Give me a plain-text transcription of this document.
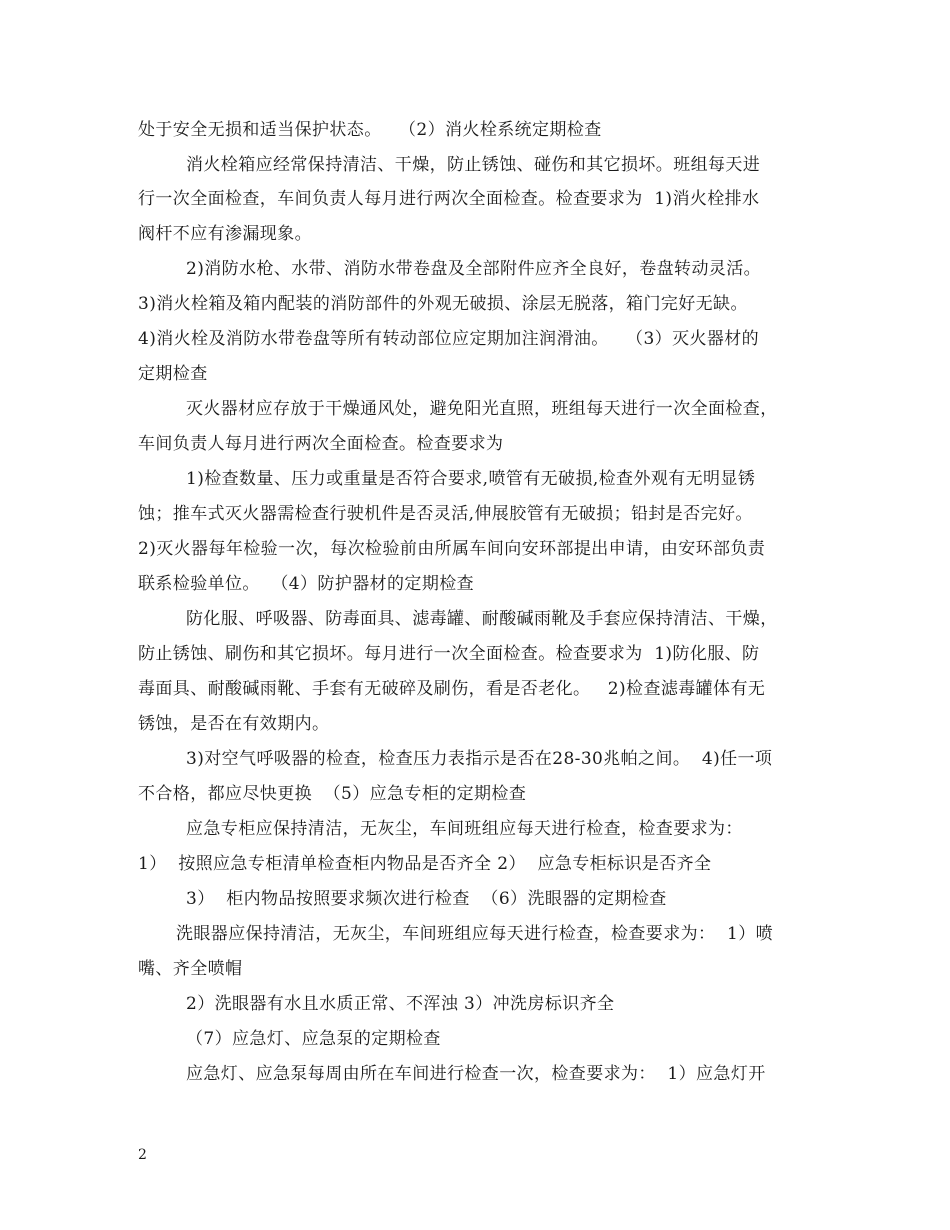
处于安全无损和适当保护状态。   （2）消火栓系统定期检查
消火栓箱应经常保持清洁、干燥，防止锈蚀、碰伤和其它损坏。班组每天进
行一次全面检查，车间负责人每月进行两次全面检查。检查要求为  1)消火栓排水
阀杆不应有渗漏现象。
2)消防水枪、水带、消防水带卷盘及全部附件应齐全良好，卷盘转动灵活。
3)消火栓箱及箱内配装的消防部件的外观无破损、涂层无脱落，箱门完好无缺。
4)消火栓及消防水带卷盘等所有转动部位应定期加注润滑油。   （3）灭火器材的
定期检查
灭火器材应存放于干燥通风处，避免阳光直照，班组每天进行一次全面检查，
车间负责人每月进行两次全面检查。检查要求为
1)检查数量、压力或重量是否符合要求,喷管有无破损,检查外观有无明显锈
蚀；推车式灭火器需检查行驶机件是否灵活,伸展胶管有无破损；铅封是否完好。
2)灭火器每年检验一次，每次检验前由所属车间向安环部提出申请，由安环部负责
联系检验单位。  （4）防护器材的定期检查
防化服、呼吸器、防毒面具、滤毒罐、耐酸碱雨靴及手套应保持清洁、干燥，
防止锈蚀、刷伤和其它损坏。每月进行一次全面检查。检查要求为  1)防化服、防
毒面具、耐酸碱雨靴、手套有无破碎及刷伤，看是否老化。   2)检查滤毒罐体有无
锈蚀，是否在有效期内。
3)对空气呼吸器的检查，检查压力表指示是否在28-30兆帕之间。  4)任一项
不合格，都应尽快更换  （5）应急专柜的定期检查
应急专柜应保持清洁，无灰尘，车间班组应每天进行检查，检查要求为：
1）  按照应急专柜清单检查柜内物品是否齐全 2）  应急专柜标识是否齐全
3）  柜内物品按照要求频次进行检查  （6）洗眼器的定期检查
洗眼器应保持清洁，无灰尘，车间班组应每天进行检查，检查要求为：  1）喷
嘴、齐全喷帽
2）洗眼器有水且水质正常、不浑浊 3）冲洗房标识齐全
（7）应急灯、应急泵的定期检查
应急灯、应急泵每周由所在车间进行检查一次，检查要求为：  1）应急灯开
2
